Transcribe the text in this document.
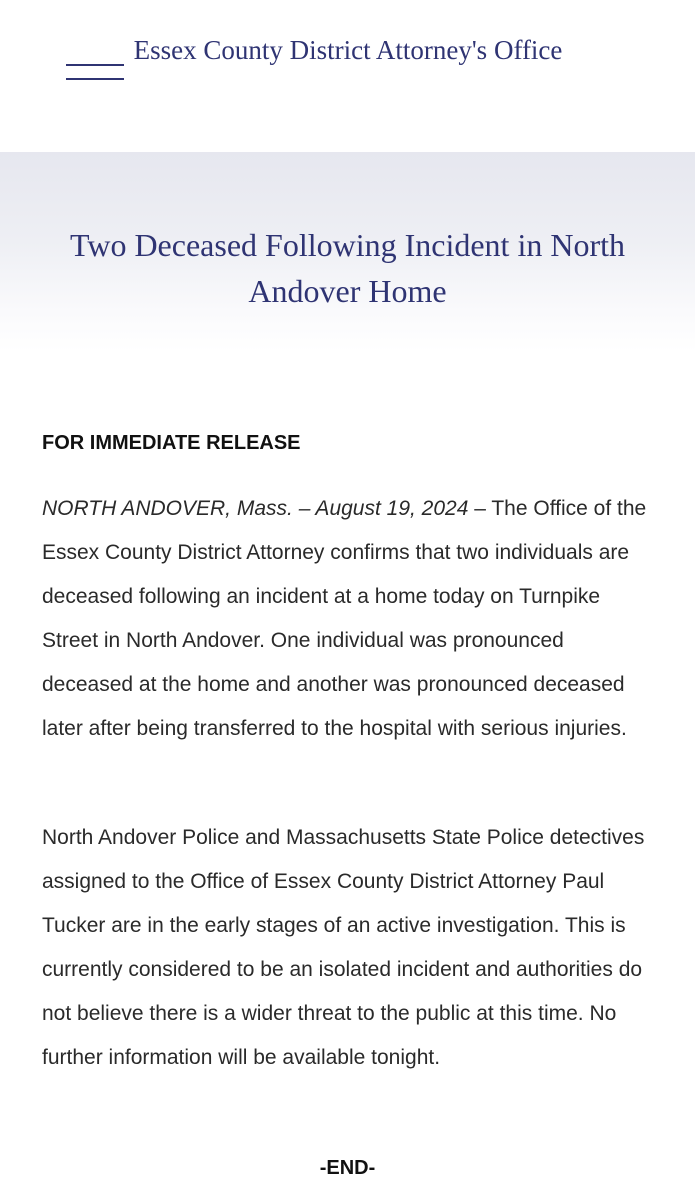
Essex County District Attorney's Office
Two Deceased Following Incident in North Andover Home
FOR IMMEDIATE RELEASE

NORTH ANDOVER, Mass. – August 19, 2024 – The Office of the Essex County District Attorney confirms that two individuals are deceased following an incident at a home today on Turnpike Street in North Andover. One individual was pronounced deceased at the home and another was pronounced deceased later after being transferred to the hospital with serious injuries.

North Andover Police and Massachusetts State Police detectives assigned to the Office of Essex County District Attorney Paul Tucker are in the early stages of an active investigation. This is currently considered to be an isolated incident and authorities do not believe there is a wider threat to the public at this time. No further information will be available tonight.

-END-
